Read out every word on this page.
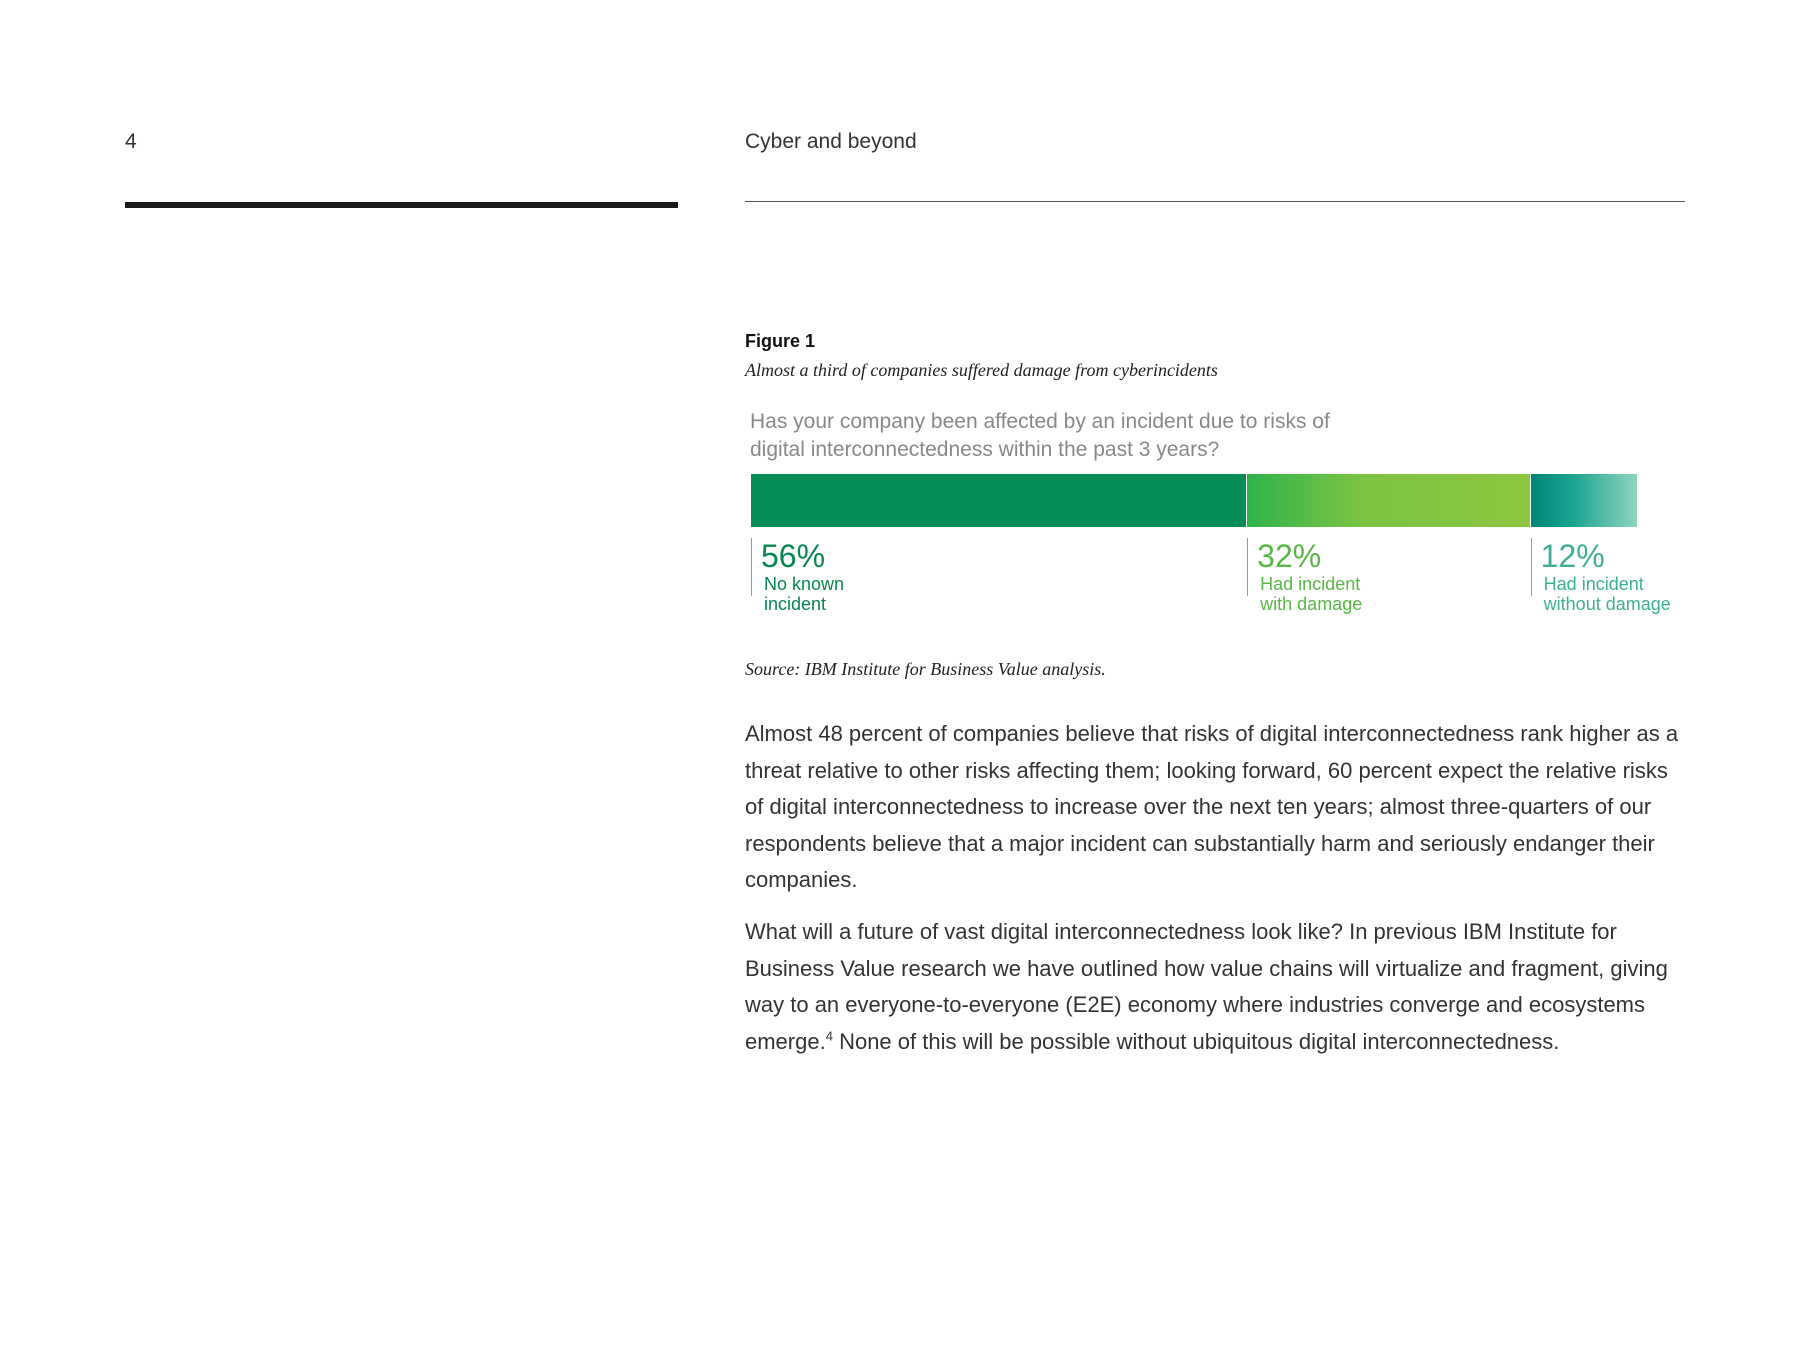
4	Cyber and beyond
Figure 1
Almost a third of companies suffered damage from cyberincidents
Has your company been affected by an incident due to risks of digital interconnectedness within the past 3 years?
56%	32%	12%
No known incident
Had incident with damage
Had incident without damage
Source: IBM Institute for Business Value analysis.

Almost 48 percent of companies believe that risks of digital interconnectedness rank higher as a threat relative to other risks affecting them; looking forward, 60 percent expect the relative risks of digital interconnectedness to increase over the next ten years; almost three-quarters of our respondents believe that a major incident can substantially harm and seriously endanger their companies.

What will a future of vast digital interconnectedness look like? In previous IBM Institute for Business Value research we have outlined how value chains will virtualize and fragment, giving way to an everyone-to-everyone (E2E) economy where industries converge and ecosystems emerge.$^4$ None of this will be possible without ubiquitous digital interconnectedness.
